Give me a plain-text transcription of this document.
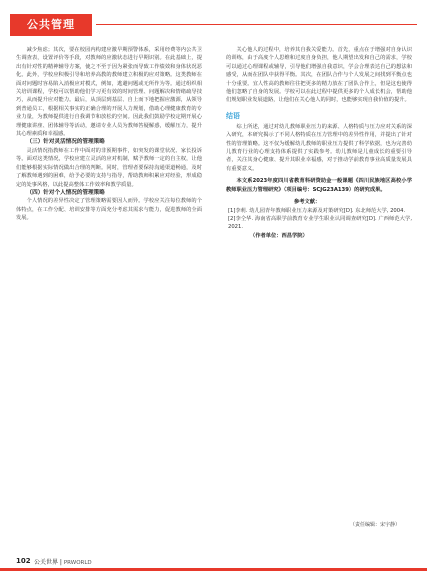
公共管理

减少焦虑；其次，要在校园内构建应激早期预警体系，采用经费等内公共卫生调查表，设置评价等手段，对教师的应激状态进行早期识别。在此基础上，提出有针对性的精神辅导方案，使之不至于因为紧张而导致工作绩效和身体状况恶化。此外，学校应积极引导和培养高教的教师建立积极的应对策略。这类教师在面对问题时容易陷入消极应对模式，例如，逃避问题或无所作为等。通过组织相关培训课程，学校可以帮助他们学习更有效的时间管理、问题解决和情绪疏导技巧，从而提升应对能力。最后，从顶层到基层、自上而下地把握应激源，从领导到普通员工，根据相关事实的正确合理的开展人力规划，借助心理健康教育的专业力量，为教师提供进行自我调节和放松的空间。因此我们鼓励学校定期开展心理健康讲座、团体辅导等活动，邀请专业人员为教师答疑解惑，缓解压力，提升其心理素质和幸福感。

（三）针对灵活情况的管理策略

灵活情况指教师在工作中面对的非预期事件，如突发的课堂状况、家长投诉等。面对这类情况，学校应建立灵活的应对机制，赋予教师一定的自主权，让他们能够根据实际情况做出合理的判断。同时，管理者要保持沟通渠道畅通，及时了解教师遇到的困难，给予必要的支持与指导，帮助教师积累应对经验，形成稳定的处事风格，以此提高整体工作效率和教学质量。

（四）针对个人情况的管理策略

个人情况的差异性决定了管理策略需要因人而异。学校应关注每位教师的个体特点，在工作分配、培训安排等方面充分考虑其需求与能力，促进教师的全面发展。

关心他人的过程中，培养其自我关爱能力。首先，重点在于增强对自身认识的训练，由于高度个人思维和过度自身负担，他人期望出发和自己的需求，学校可以通过心理课程或辅导，引导他们增强自我意识，学会合理表达自己的想法和感受，从而在团队中获得平衡。其次，在团队合作与个人发展之间找到平衡点也十分重要。宜人性高的教师往往把更多的精力放在了团队合作上，但是这也使得他们忽略了自身的发展。学校可以在此过程中提供更多的个人成长机会，帮助他们规划职业发展道路，让他们在关心他人的同时，也能够实现自我价值的提升。

结语

综上所述，通过对幼儿教师职业压力的来源、人格特质与压力应对关系的深入研究，本研究揭示了不同人格特质在压力管理中的差异性作用，并提出了针对性的管理策略。这不仅为缓解幼儿教师的职业压力提供了科学依据，也为完善幼儿教育行业的心理支持体系提供了实践参考。幼儿教师是儿童成长的重要引导者，关注其身心健康、提升其职业幸福感，对于推动学前教育事业高质量发展具有重要意义。

本文系2023年度四川省教育科研资助金一般课题《四川民族地区高校小学教师职业压力管理研究》（项目编号：SCJG23A139）的研究成果。

参考文献：

[1]李莉. 幼儿园青年教师职业压力来源及对策研究[D]. 东北师范大学, 2004.

[2]李仝华. 海南省高职学前教育专业学生职业认同调查研究[D]. 广西师范大学, 2021.

（作者单位：西昌学院）

（责任编辑：宋宇静）
102 公关世界 | PRWORLD
